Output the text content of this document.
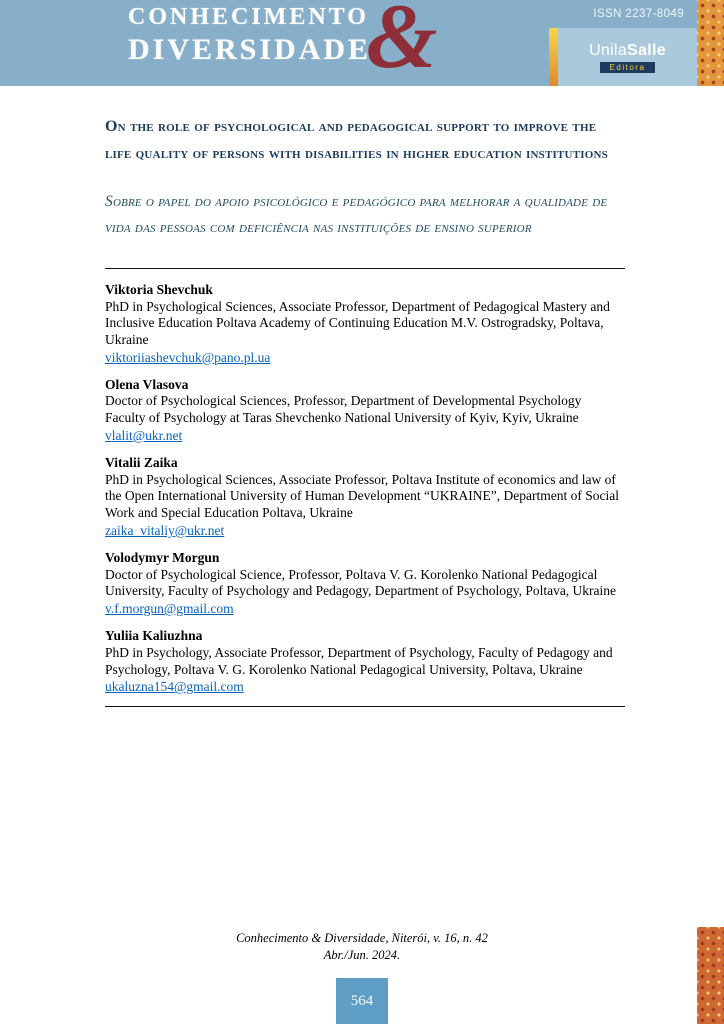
CONHECIMENTO
DIVERSIDADE
&	ISSN 2237-8049
UnilaSalle
Editora
On the role of psychological and pedagogical support to improve the life quality of persons with disabilities in higher education institutions
Sobre o papel do apoio psicológico e pedagógico para melhorar a qualidade de vida das pessoas com deficiência nas instituições de ensino superior
Viktoria Shevchuk
PhD in Psychological Sciences, Associate Professor, Department of Pedagogical Mastery and Inclusive Education Poltava Academy of Continuing Education M.V. Ostrogradsky, Poltava, Ukraine
viktoriiashevchuk@pano.pl.ua
Olena Vlasova
Doctor of Psychological Sciences, Professor, Department of Developmental Psychology Faculty of Psychology at Taras Shevchenko National University of Kyiv, Kyiv, Ukraine
vlalit@ukr.net
Vitalii Zaika
PhD in Psychological Sciences, Associate Professor, Poltava Institute of economics and law of the Open International University of Human Development “UKRAINE”, Department of Social Work and Special Education Poltava, Ukraine
zaika_vitaliy@ukr.net
Volodymyr Morgun
Doctor of Psychological Science, Professor, Poltava V. G. Korolenko National Pedagogical University, Faculty of Psychology and Pedagogy, Department of Psychology, Poltava, Ukraine
v.f.morgun@gmail.com
Yuliia Kaliuzhna
PhD in Psychology, Associate Professor, Department of Psychology, Faculty of Pedagogy and Psychology, Poltava V. G. Korolenko National Pedagogical University, Poltava, Ukraine
ukaluzna154@gmail.com
Conhecimento & Diversidade, Niterói, v. 16, n. 42
Abr./Jun. 2024.
564
